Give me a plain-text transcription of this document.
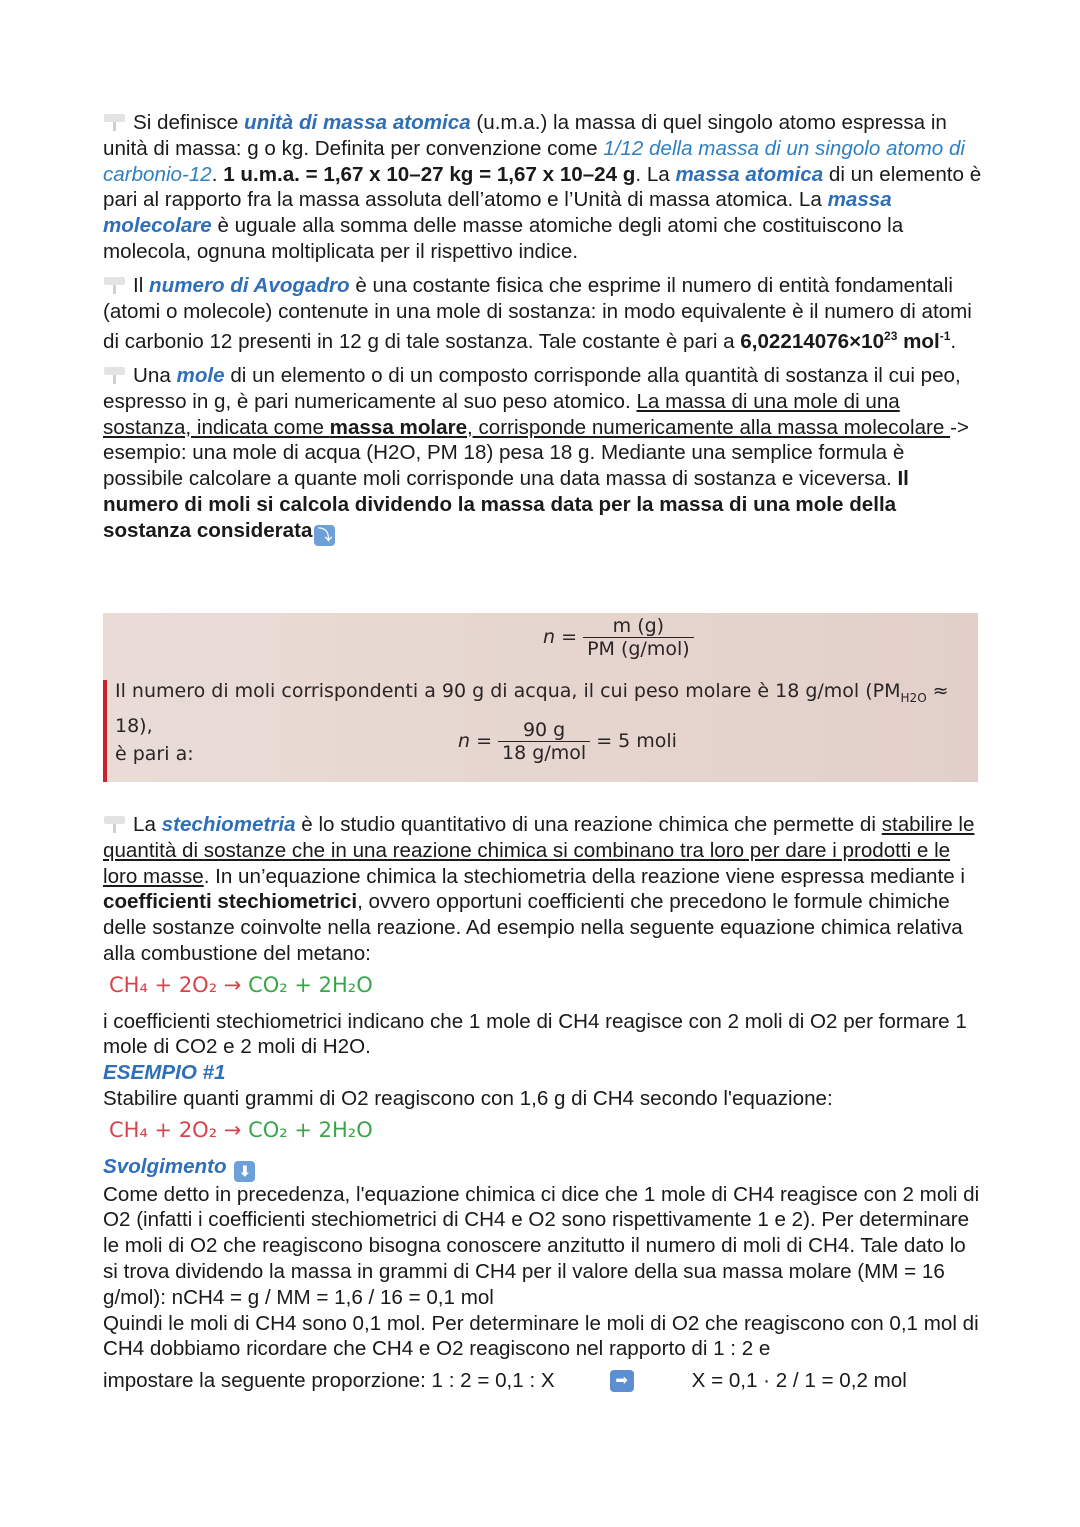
Si definisce unità di massa atomica (u.m.a.) la massa di quel singolo atomo espressa in unità di massa: g o kg. Definita per convenzione come 1/12 della massa di un singolo atomo di carbonio-12. 1 u.m.a. = 1,67 x 10–27 kg = 1,67 x 10–24 g. La massa atomica di un elemento è pari al rapporto fra la massa assoluta dell’atomo e l’Unità di massa atomica. La massa molecolare è uguale alla somma delle masse atomiche degli atomi che costituiscono la molecola, ognuna moltiplicata per il rispettivo indice.

Il numero di Avogadro è una costante fisica che esprime il numero di entità fondamentali (atomi o molecole) contenute in una mole di sostanza: in modo equivalente è il numero di atomi di carbonio 12 presenti in 12 g di tale sostanza. Tale costante è pari a $6,02214076\times 10^{23}$ mol$^{-1}$.

Una mole di un elemento o di un composto corrisponde alla quantità di sostanza il cui peo, espresso in g, è pari numericamente al suo peso atomico. La massa di una mole di una sostanza, indicata come massa molare, corrisponde numericamente alla massa molecolare -> esempio: una mole di acqua (H2O, PM 18) pesa 18 g. Mediante una semplice formula è possibile calcolare a quante moli corrisponde una data massa di sostanza e viceversa. Il numero di moli si calcola dividendo la massa data per la massa di una mole della sostanza considerata ⤵

$n = \frac{m (g)}{\text{PM (g/mol)}}$
Il numero di moli corrispondenti a 90 g di acqua, il cui peso molare è 18 g/mol $(PM_{H2O} \approx 18)$,
è pari a:
$n = \frac{90 g}{\text{18 g/mol}} = 5$ moli

La stechiometria è lo studio quantitativo di una reazione chimica che permette di stabilire le quantità di sostanze che in una reazione chimica si combinano tra loro per dare i prodotti e le loro masse. In un’equazione chimica la stechiometria della reazione viene espressa mediante i coefficienti stechiometrici, ovvero opportuni coefficienti che precedono le formule chimiche delle sostanze coinvolte nella reazione. Ad esempio nella seguente equazione chimica relativa alla combustione del metano:

CH₄ + 2O₂ → CO₂ + 2H₂O

i coefficienti stechiometrici indicano che 1 mole di CH4 reagisce con 2 moli di O2 per formare 1 mole di CO2 e 2 moli di H2O.

ESEMPIO #1

Stabilire quanti grammi di O2 reagiscono con 1,6 g di CH4 secondo l'equazione:

CH₄ + 2O₂ → CO₂ + 2H₂O

Svolgimento ⬇

Come detto in precedenza, l'equazione chimica ci dice che 1 mole di CH4 reagisce con 2 moli di O2 (infatti i coefficienti stechiometrici di CH4 e O2 sono rispettivamente 1 e 2). Per determinare le moli di O2 che reagiscono bisogna conoscere anzitutto il numero di moli di CH4. Tale dato lo si trova dividendo la massa in grammi di CH4 per il valore della sua massa molare (MM = 16 g/mol): nCH4 = g / MM = 1,6 / 16 = 0,1 mol

Quindi le moli di CH4 sono 0,1 mol. Per determinare le moli di O2 che reagiscono con 0,1 mol di CH4 dobbiamo ricordare che CH4 e O2 reagiscono nel rapporto di 1 : 2 e

impostare la seguente proporzione: 1 : 2 = 0,1 : X	➡	X = 0,1 · 2 / 1 = 0,2 mol
